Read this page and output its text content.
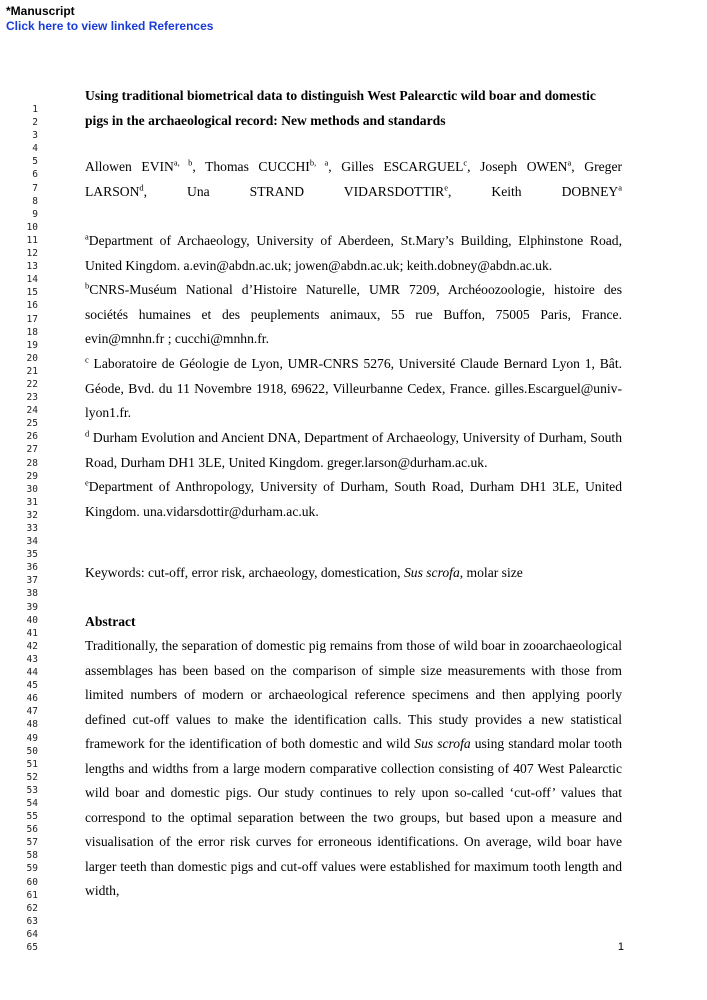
*Manuscript
Click here to view linked References
1
2
3
4
5
6
7
8
9
10
11
12
13
14
15
16
17
18
19
20
21
22
23
24
25
26
27
28
29
30
31
32
33
34
35
36
37
38
39
40
41
42
43
44
45
46
47
48
49
50
51
52
53
54
55
56
57
58
59
60
61
62
63
64
65
Using traditional biometrical data to distinguish West Palearctic wild boar and domestic pigs in the archaeological record: New methods and standards
Allowen EVIN$^{a, b}$, Thomas CUCCHI$^{b, a}$, Gilles ESCARGUEL$^c$, Joseph OWEN$^a$, Greger LARSON$^d$, Una STRAND VIDARSDOTTIR$^e$, Keith DOBNEY$^a$
$^a$Department of Archaeology, University of Aberdeen, St.Mary’s Building, Elphinstone Road, United Kingdom. a.evin@abdn.ac.uk; jowen@abdn.ac.uk; keith.dobney@abdn.ac.uk.
$^b$CNRS-Muséum National d’Histoire Naturelle, UMR 7209, Archéoozoologie, histoire des sociétés humaines et des peuplements animaux, 55 rue Buffon, 75005 Paris, France. evin@mnhn.fr ; cucchi@mnhn.fr.
$^c$ Laboratoire de Géologie de Lyon, UMR-CNRS 5276, Université Claude Bernard Lyon 1, Bât. Géode, Bvd. du 11 Novembre 1918, 69622, Villeurbanne Cedex, France. gilles.Escarguel@univ-lyon1.fr.
$^d$ Durham Evolution and Ancient DNA, Department of Archaeology, University of Durham, South Road, Durham DH1 3LE, United Kingdom. greger.larson@durham.ac.uk.
$^e$Department of Anthropology, University of Durham, South Road, Durham DH1 3LE, United Kingdom. una.vidarsdottir@durham.ac.uk.
Keywords: cut-off, error risk, archaeology, domestication, Sus scrofa, molar size
Abstract
Traditionally, the separation of domestic pig remains from those of wild boar in zooarchaeological assemblages has been based on the comparison of simple size measurements with those from limited numbers of modern or archaeological reference specimens and then applying poorly defined cut-off values to make the identification calls. This study provides a new statistical framework for the identification of both domestic and wild Sus scrofa using standard molar tooth lengths and widths from a large modern comparative collection consisting of 407 West Palearctic wild boar and domestic pigs. Our study continues to rely upon so-called ‘cut-off’ values that correspond to the optimal separation between the two groups, but based upon a measure and visualisation of the error risk curves for erroneous identifications. On average, wild boar have larger teeth than domestic pigs and cut-off values were established for maximum tooth length and width,
1
